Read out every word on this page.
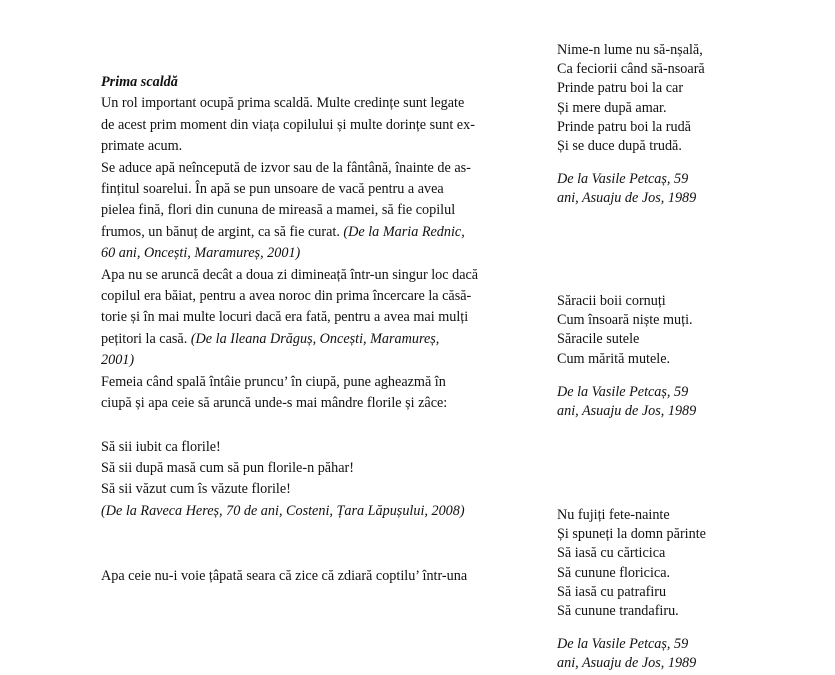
Prima scaldă
Un rol important ocupă prima scaldă. Multe credințe sunt legate
de acest prim moment din viața copilului și multe dorințe sunt ex-
primate acum.
Se aduce apă neîncepută de izvor sau de la fântână, înainte de as-
fințitul soarelui. În apă se pun unsoare de vacă pentru a avea
pielea fină, flori din cununa de mireasă a mamei, să fie copilul
frumos, un bănuț de argint, ca să fie curat. (De la Maria Rednic,
60 ani, Oncești, Maramureș, 2001)
Apa nu se aruncă decât a doua zi dimineață într-un singur loc dacă
copilul era băiat, pentru a avea noroc din prima încercare la căsă-
torie și în mai multe locuri dacă era fată, pentru a avea mai mulți
pețitori la casă. (De la Ileana Drăguș, Oncești, Maramureș,
2001)
Femeia când spală întâie pruncu’ în ciupă, pune agheazmă în
ciupă și apa ceie să aruncă unde-s mai mândre florile și zâce:
Să sii iubit ca florile!
Să sii după masă cum să pun florile-n păhar!
Să sii văzut cum îs văzute florile!
(De la Raveca Hereș, 70 de ani, Costeni, Țara Lăpușului, 2008)
Apa ceie nu-i voie țâpată seara că zice că zdiară coptilu’ într-una
Nime-n lume nu să-nșală,
Ca feciorii când să-nsoară
Prinde patru boi la car
Și mere după amar.
Prinde patru boi la rudă
Și se duce după trudă.
De la Vasile Petcaș, 59
ani, Asuaju de Jos, 1989
Săracii boii cornuți
Cum însoară niște muți.
Săracile sutele
Cum mărită mutele.
De la Vasile Petcaș, 59
ani, Asuaju de Jos, 1989
Nu fujiți fete-nainte
Și spuneți la domn părinte
Să iasă cu cărticica
Să cunune floricica.
Să iasă cu patrafiru
Să cunune trandafiru.
De la Vasile Petcaș, 59
ani, Asuaju de Jos, 1989
